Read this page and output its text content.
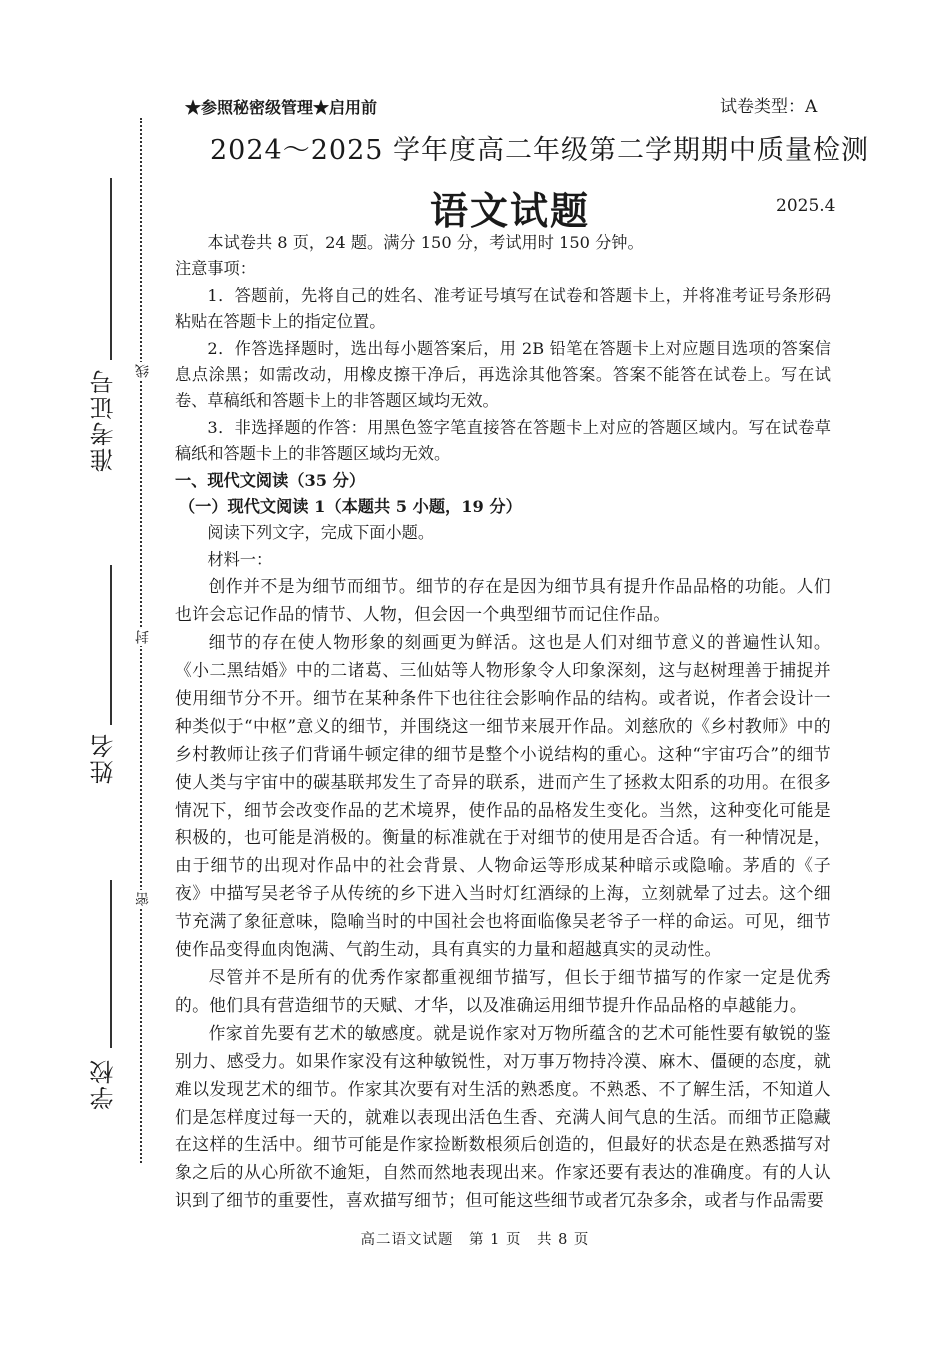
准考证号
姓名
学校
线
封
密
★参照秘密级管理★启用前	试卷类型：A
2024～2025 学年度高二年级第二学期期中质量检测
语文试题	2025.4

本试卷共 8 页，24 题。满分 150 分，考试用时 150 分钟。

注意事项：

1．答题前，先将自己的姓名、准考证号填写在试卷和答题卡上，并将准考证号条形码粘贴在答题卡上的指定位置。

2．作答选择题时，选出每小题答案后，用 2B 铅笔在答题卡上对应题目选项的答案信息点涂黑；如需改动，用橡皮擦干净后，再选涂其他答案。答案不能答在试卷上。写在试卷、草稿纸和答题卡上的非答题区域均无效。

3．非选择题的作答：用黑色签字笔直接答在答题卡上对应的答题区域内。写在试卷草稿纸和答题卡上的非答题区域均无效。

一、现代文阅读（35 分）

（一）现代文阅读 1（本题共 5 小题，19 分）

阅读下列文字，完成下面小题。

材料一：

创作并不是为细节而细节。细节的存在是因为细节具有提升作品品格的功能。人们也许会忘记作品的情节、人物，但会因一个典型细节而记住作品。

细节的存在使人物形象的刻画更为鲜活。这也是人们对细节意义的普遍性认知。《小二黑结婚》中的二诸葛、三仙姑等人物形象令人印象深刻，这与赵树理善于捕捉并使用细节分不开。细节在某种条件下也往往会影响作品的结构。或者说，作者会设计一种类似于“中枢”意义的细节，并围绕这一细节来展开作品。刘慈欣的《乡村教师》中的乡村教师让孩子们背诵牛顿定律的细节是整个小说结构的重心。这种“宇宙巧合”的细节使人类与宇宙中的碳基联邦发生了奇异的联系，进而产生了拯救太阳系的功用。在很多情况下，细节会改变作品的艺术境界，使作品的品格发生变化。当然，这种变化可能是积极的，也可能是消极的。衡量的标准就在于对细节的使用是否合适。有一种情况是，由于细节的出现对作品中的社会背景、人物命运等形成某种暗示或隐喻。茅盾的《子夜》中描写吴老爷子从传统的乡下进入当时灯红酒绿的上海，立刻就晕了过去。这个细节充满了象征意味，隐喻当时的中国社会也将面临像吴老爷子一样的命运。可见，细节使作品变得血肉饱满、气韵生动，具有真实的力量和超越真实的灵动性。

尽管并不是所有的优秀作家都重视细节描写，但长于细节描写的作家一定是优秀的。他们具有营造细节的天赋、才华，以及准确运用细节提升作品品格的卓越能力。

作家首先要有艺术的敏感度。就是说作家对万物所蕴含的艺术可能性要有敏锐的鉴别力、感受力。如果作家没有这种敏锐性，对万事万物持冷漠、麻木、僵硬的态度，就难以发现艺术的细节。作家其次要有对生活的熟悉度。不熟悉、不了解生活，不知道人们是怎样度过每一天的，就难以表现出活色生香、充满人间气息的生活。而细节正隐藏在这样的生活中。细节可能是作家捡断数根须后创造的，但最好的状态是在熟悉描写对象之后的从心所欲不逾矩，自然而然地表现出来。作家还要有表达的准确度。有的人认识到了细节的重要性，喜欢描写细节；但可能这些细节或者冗杂多余，或者与作品需要

高二语文试题　第 1 页　共 8 页
